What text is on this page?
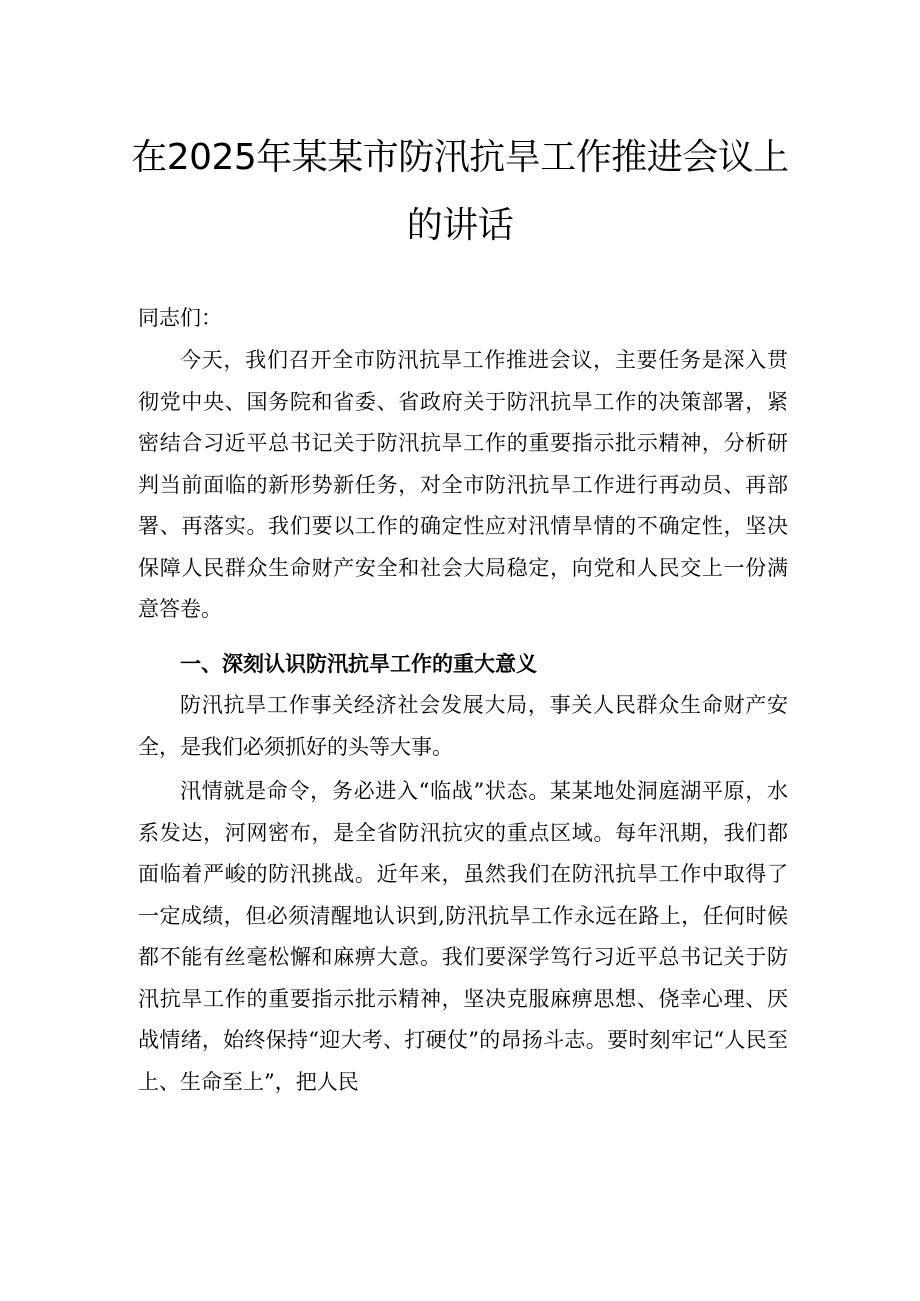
在2025年某某市防汛抗旱工作推进会议上
的讲话
同志们：
今天，我们召开全市防汛抗旱工作推进会议，主要任务是深入贯彻党中央、国务院和省委、省政府关于防汛抗旱工作的决策部署，紧密结合习近平总书记关于防汛抗旱工作的重要指示批示精神，分析研判当前面临的新形势新任务，对全市防汛抗旱工作进行再动员、再部署、再落实。我们要以工作的确定性应对汛情旱情的不确定性，坚决保障人民群众生命财产安全和社会大局稳定，向党和人民交上一份满意答卷。
一、深刻认识防汛抗旱工作的重大意义
防汛抗旱工作事关经济社会发展大局，事关人民群众生命财产安全，是我们必须抓好的头等大事。
汛情就是命令，务必进入“临战”状态。某某地处洞庭湖平原，水系发达，河网密布，是全省防汛抗灾的重点区域。每年汛期，我们都面临着严峻的防汛挑战。近年来，虽然我们在防汛抗旱工作中取得了一定成绩，但必须清醒地认识到,防汛抗旱工作永远在路上，任何时候都不能有丝毫松懈和麻痹大意。我们要深学笃行习近平总书记关于防汛抗旱工作的重要指示批示精神，坚决克服麻痹思想、侥幸心理、厌战情绪，始终保持“迎大考、打硬仗”的昂扬斗志。要时刻牢记“人民至上、生命至上”，把人民
